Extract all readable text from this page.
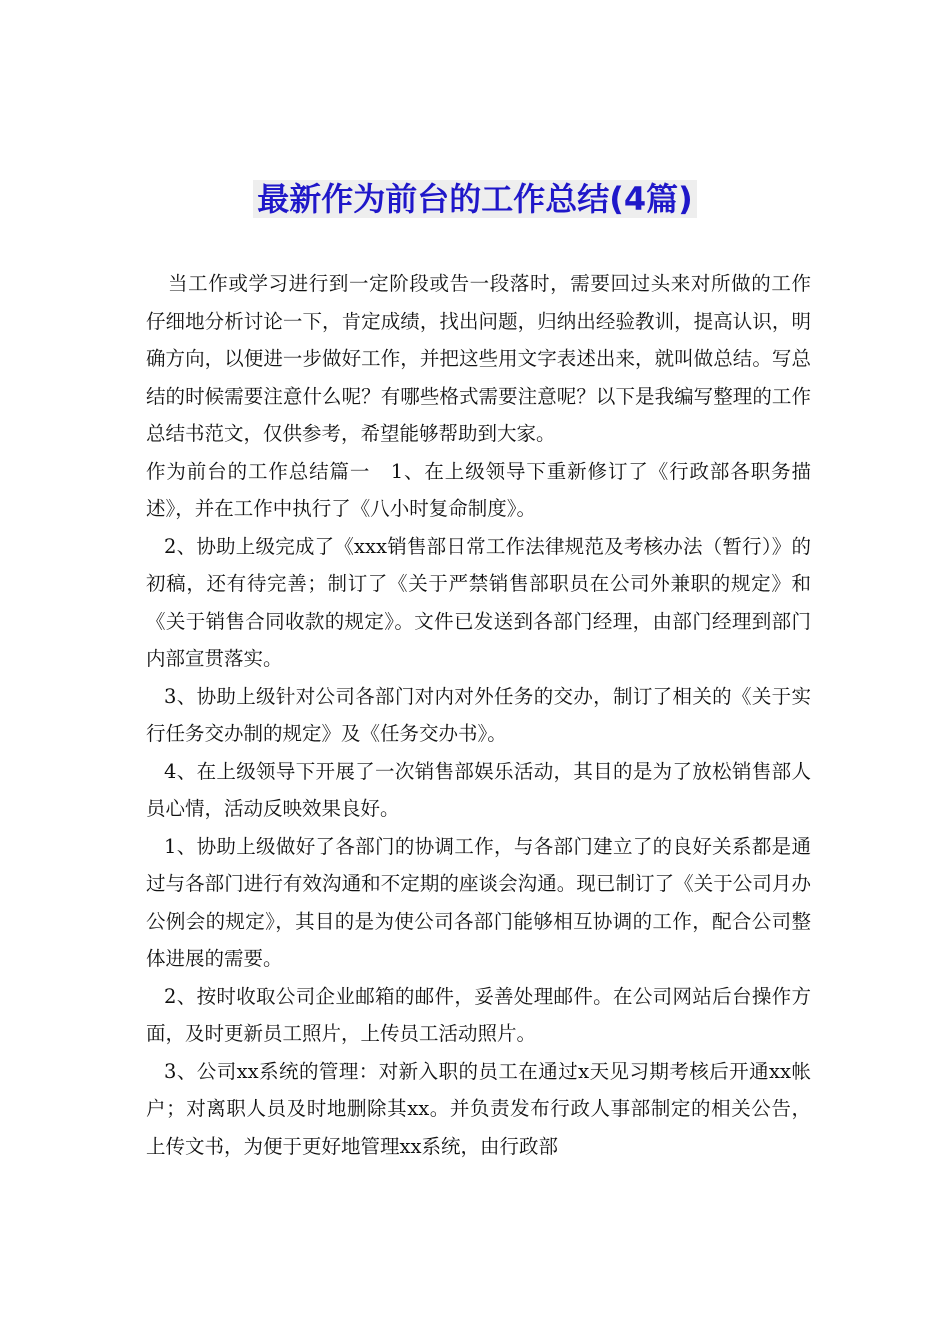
最新作为前台的工作总结(4篇)

当工作或学习进行到一定阶段或告一段落时，需要回过头来对所做的工作仔细地分析讨论一下，肯定成绩，找出问题，归纳出经验教训，提高认识，明确方向，以便进一步做好工作，并把这些用文字表述出来，就叫做总结。写总结的时候需要注意什么呢？有哪些格式需要注意呢？以下是我编写整理的工作总结书范文，仅供参考，希望能够帮助到大家。

作为前台的工作总结篇一　1、在上级领导下重新修订了《行政部各职务描述》，并在工作中执行了《八小时复命制度》。

2、协助上级完成了《xxx销售部日常工作法律规范及考核办法（暂行）》的初稿，还有待完善；制订了《关于严禁销售部职员在公司外兼职的规定》和《关于销售合同收款的规定》。文件已发送到各部门经理，由部门经理到部门内部宣贯落实。

3、协助上级针对公司各部门对内对外任务的交办，制订了相关的《关于实行任务交办制的规定》及《任务交办书》。

4、在上级领导下开展了一次销售部娱乐活动，其目的是为了放松销售部人员心情，活动反映效果良好。

1、协助上级做好了各部门的协调工作，与各部门建立了的良好关系都是通过与各部门进行有效沟通和不定期的座谈会沟通。现已制订了《关于公司月办公例会的规定》，其目的是为使公司各部门能够相互协调的工作，配合公司整体进展的需要。

2、按时收取公司企业邮箱的邮件，妥善处理邮件。在公司网站后台操作方面，及时更新员工照片，上传员工活动照片。

3、公司xx系统的管理：对新入职的员工在通过x天见习期考核后开通xx帐户；对离职人员及时地删除其xx。并负责发布行政人事部制定的相关公告，上传文书，为便于更好地管理xx系统，由行政部
